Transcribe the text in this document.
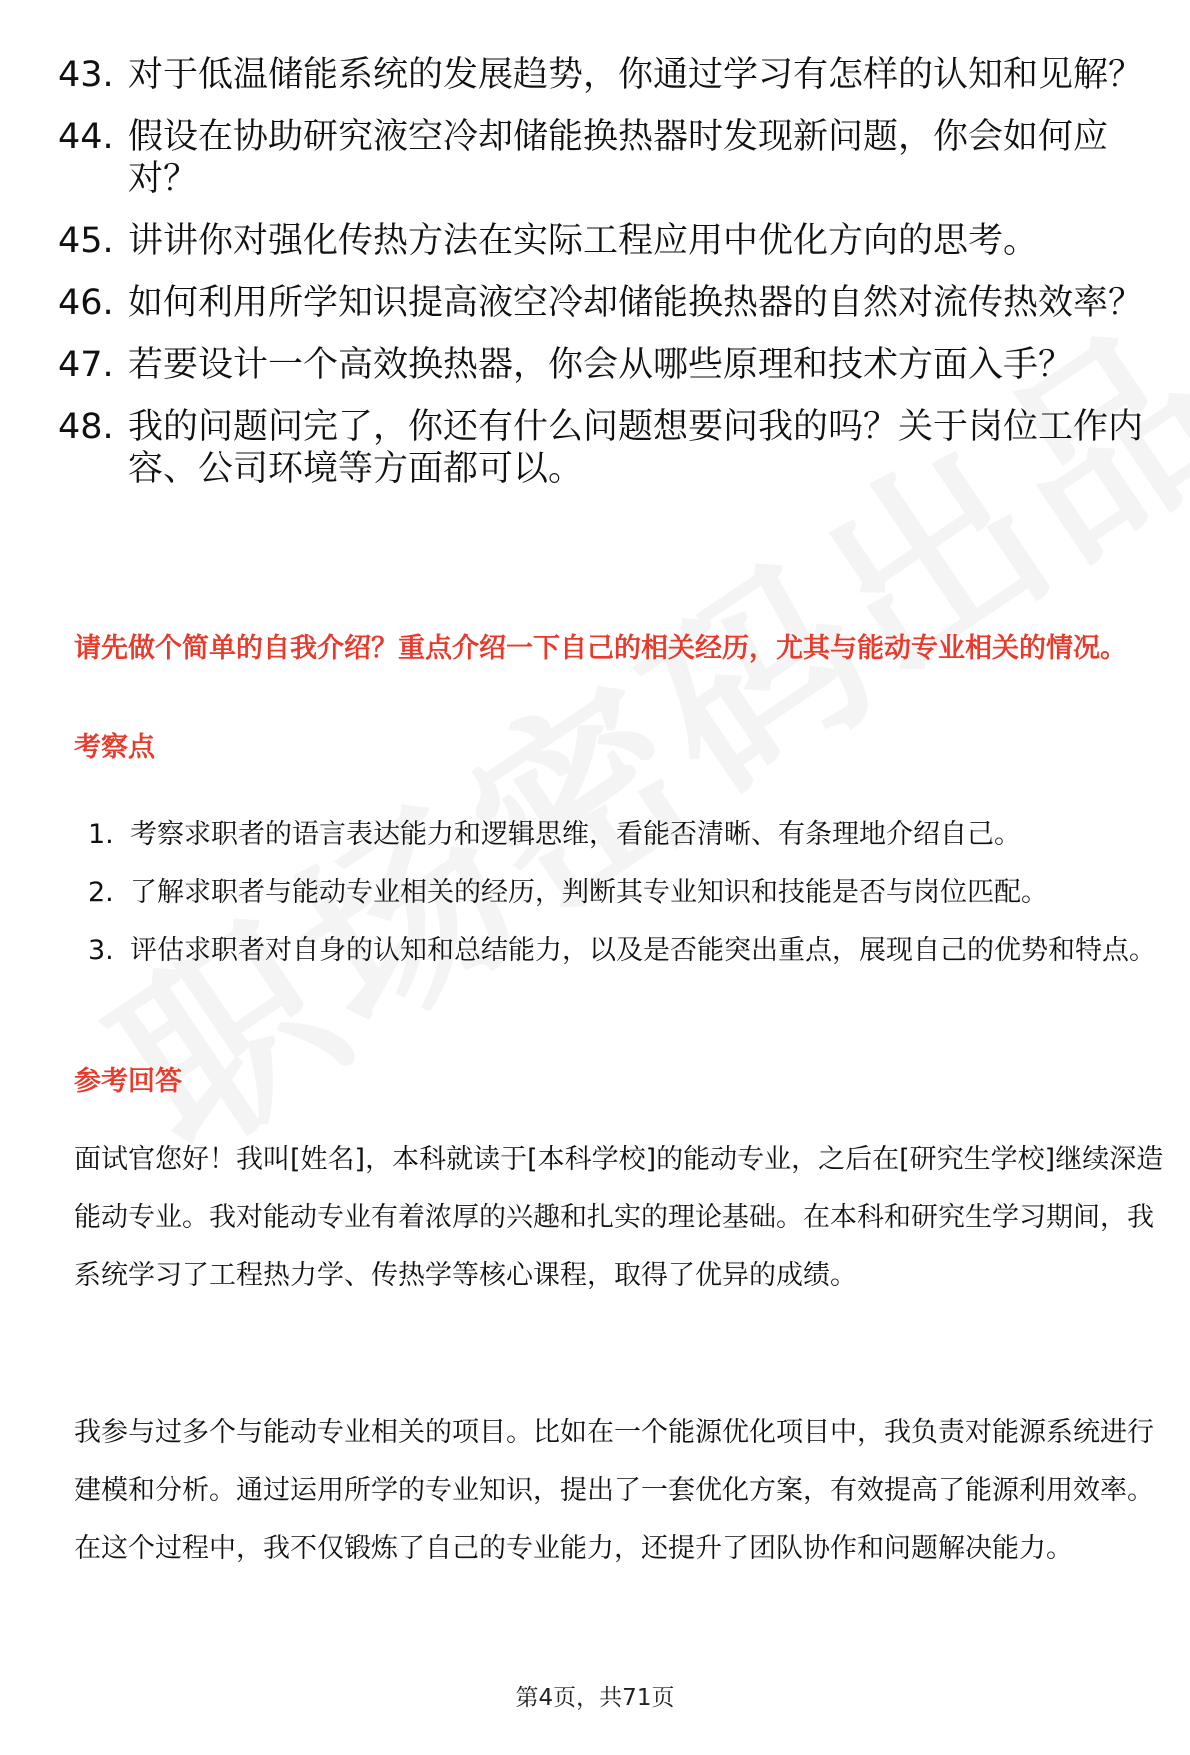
43. 对于低温储能系统的发展趋势，你通过学习有怎样的认知和见解？
44. 假设在协助研究液空冷却储能换热器时发现新问题，你会如何应对？
45. 讲讲你对强化传热方法在实际工程应用中优化方向的思考。
46. 如何利用所学知识提高液空冷却储能换热器的自然对流传热效率？
47. 若要设计一个高效换热器，你会从哪些原理和技术方面入手？
48. 我的问题问完了，你还有什么问题想要问我的吗？关于岗位工作内容、公司环境等方面都可以。
请先做个简单的自我介绍？重点介绍一下自己的相关经历，尤其与能动专业相关的情况。
考察点
1. 考察求职者的语言表达能力和逻辑思维，看能否清晰、有条理地介绍自己。
2. 了解求职者与能动专业相关的经历，判断其专业知识和技能是否与岗位匹配。
3. 评估求职者对自身的认知和总结能力，以及是否能突出重点，展现自己的优势和特点。
参考回答

面试官您好！我叫[姓名]，本科就读于[本科学校]的能动专业，之后在[研究生学校]继续深造能动专业。我对能动专业有着浓厚的兴趣和扎实的理论基础。在本科和研究生学习期间，我系统学习了工程热力学、传热学等核心课程，取得了优异的成绩。

我参与过多个与能动专业相关的项目。比如在一个能源优化项目中，我负责对能源系统进行建模和分析。通过运用所学的专业知识，提出了一套优化方案，有效提高了能源利用效率。在这个过程中，我不仅锻炼了自己的专业能力，还提升了团队协作和问题解决能力。

第4页，共71页
